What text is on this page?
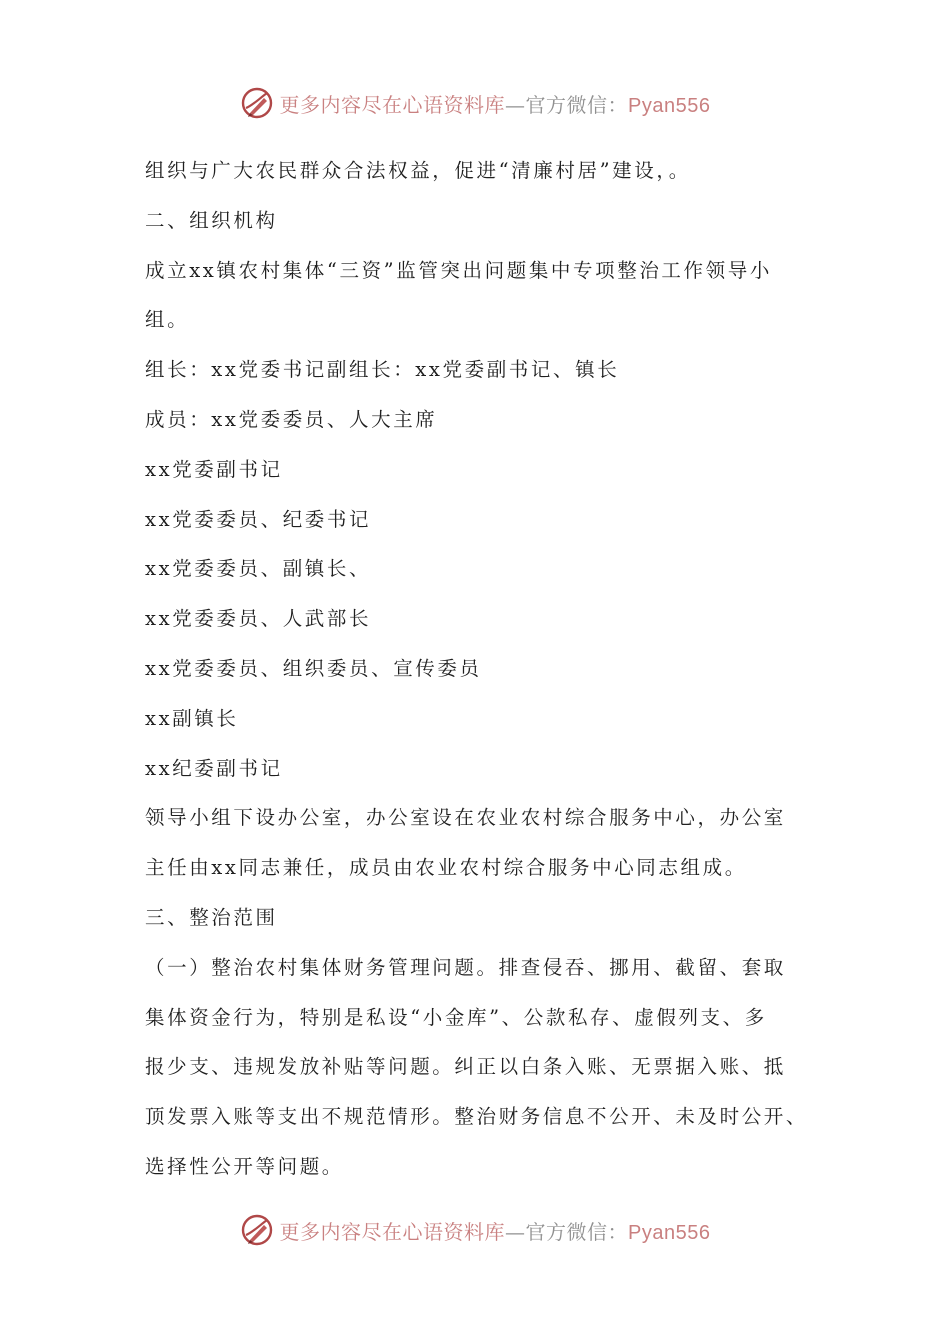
更多内容尽在心语资料库—官方微信：Pyan556
组织与广大农民群众合法权益，促进“清廉村居”建设，。
二、组织机构
成立xx镇农村集体“三资”监管突出问题集中专项整治工作领导小
组。
组长：xx党委书记副组长：xx党委副书记、镇长
成员：xx党委委员、人大主席
xx党委副书记
xx党委委员、纪委书记
xx党委委员、副镇长、
xx党委委员、人武部长
xx党委委员、组织委员、宣传委员
xx副镇长
xx纪委副书记
领导小组下设办公室，办公室设在农业农村综合服务中心，办公室
主任由xx同志兼任，成员由农业农村综合服务中心同志组成。
三、整治范围
（一）整治农村集体财务管理问题。排查侵吞、挪用、截留、套取
集体资金行为，特别是私设“小金库”、公款私存、虚假列支、多
报少支、违规发放补贴等问题。纠正以白条入账、无票据入账、抵
顶发票入账等支出不规范情形。整治财务信息不公开、未及时公开、
选择性公开等问题。
更多内容尽在心语资料库—官方微信：Pyan556
